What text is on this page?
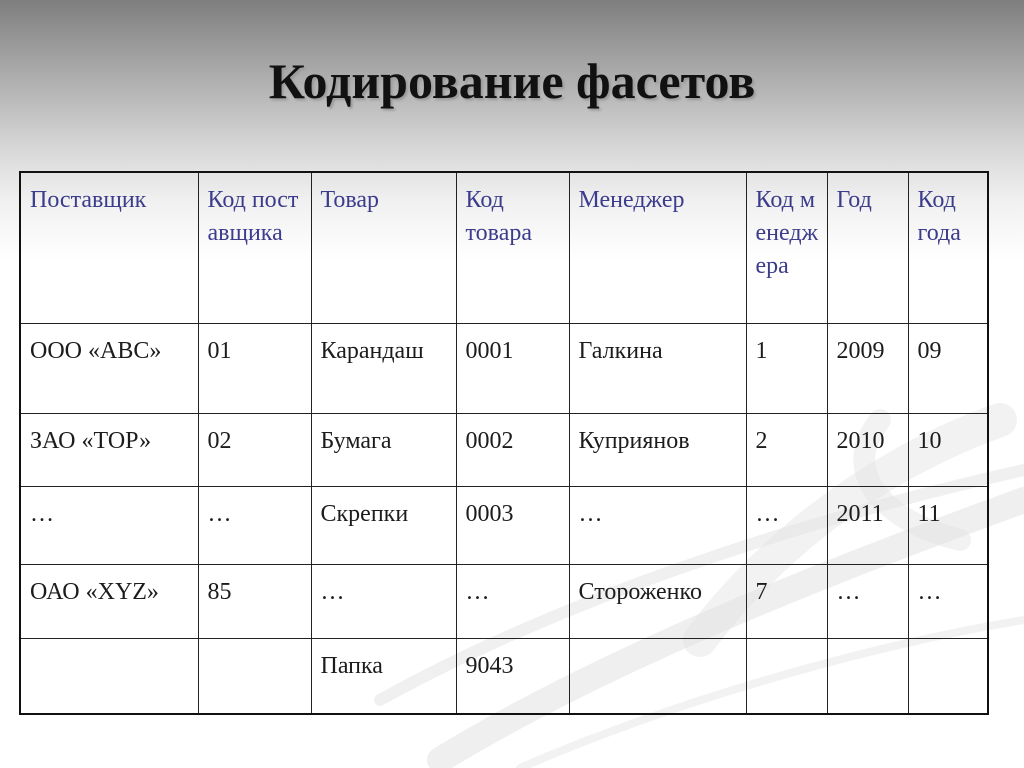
Кодирование фасетов
Поставщик	Код поставщика	Товар	Код товара	Менеджер	Код менеджера	Год	Код года
ООО «АВС»	01	Карандаш	0001	Галкина	1	2009	09
ЗАО «ТОР»	02	Бумага	0002	Куприянов	2	2010	10
…	…	Скрепки	0003	…	…	2011	11
ОАО «XYZ»	85	…	…	Стороженко	7	…	…
		Папка	9043				
